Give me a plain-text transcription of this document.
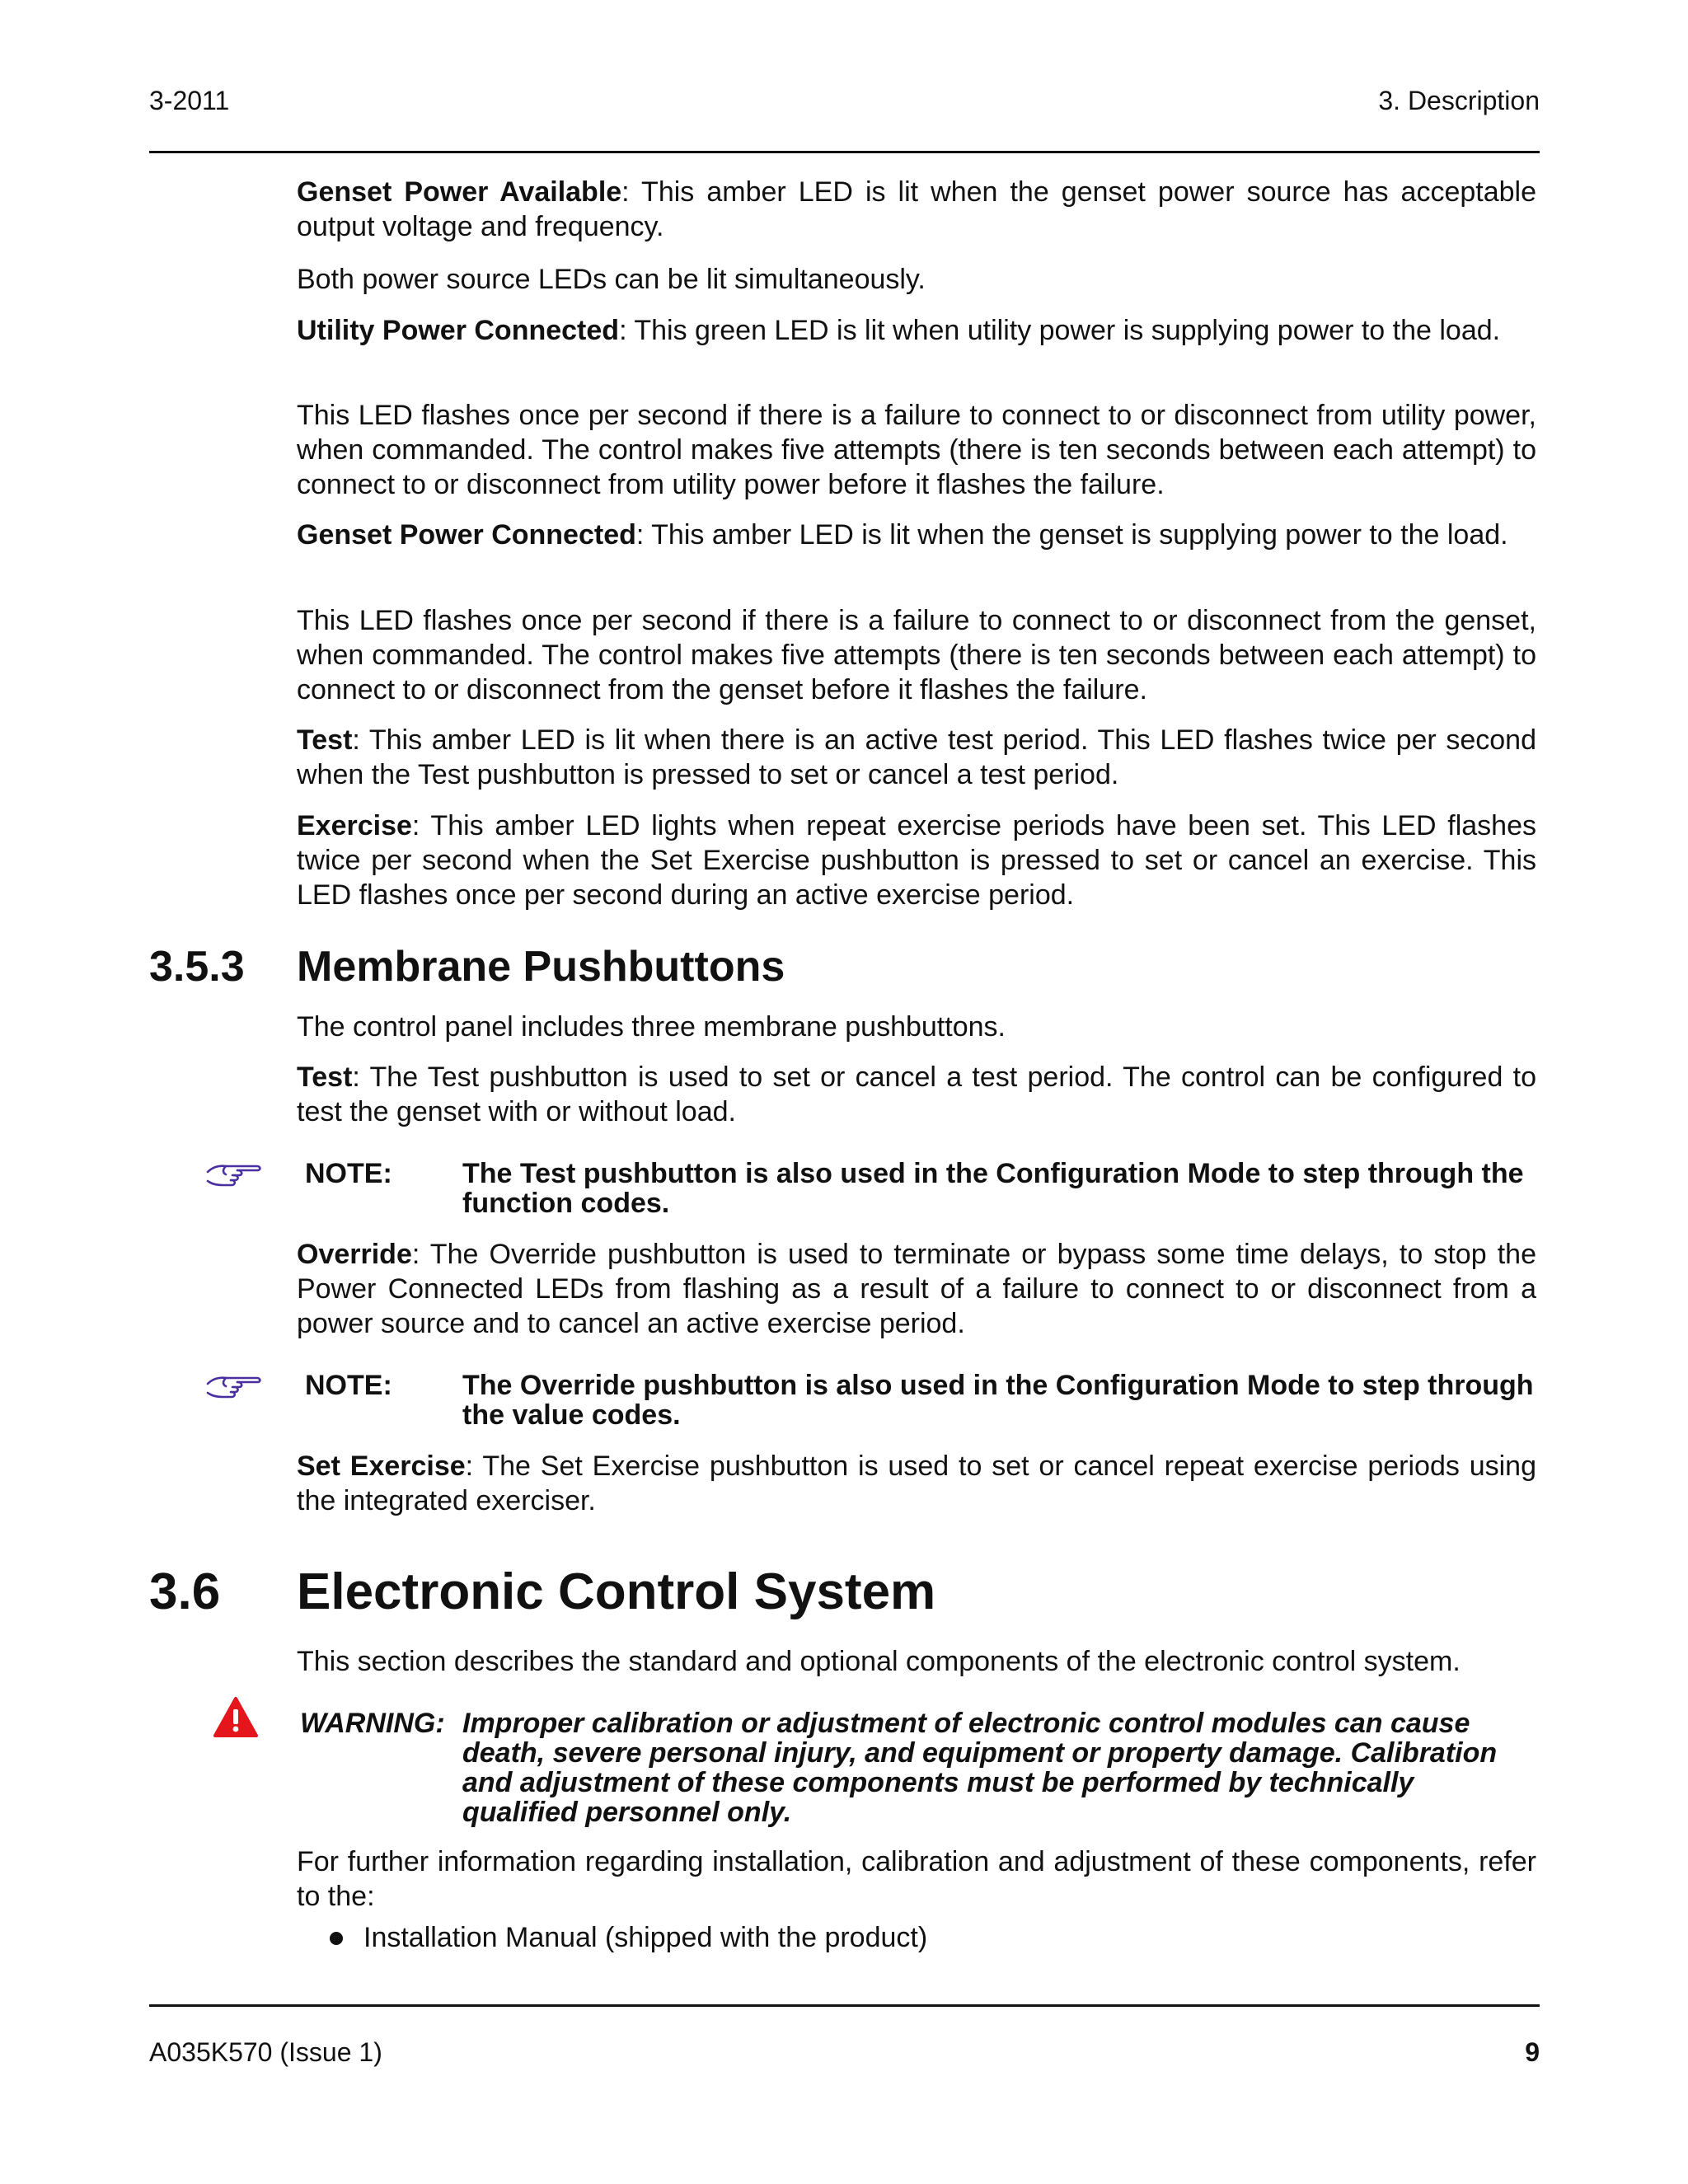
3-2011	3. Description
Genset Power Available: This amber LED is lit when the genset power source has acceptable output voltage and frequency.
Both power source LEDs can be lit simultaneously.
Utility Power Connected: This green LED is lit when utility power is supplying power to the load.
This LED flashes once per second if there is a failure to connect to or disconnect from utility power, when commanded. The control makes five attempts (there is ten seconds between each attempt) to connect to or disconnect from utility power before it flashes the failure.
Genset Power Connected: This amber LED is lit when the genset is supplying power to the load.
This LED flashes once per second if there is a failure to connect to or disconnect from the genset, when commanded. The control makes five attempts (there is ten seconds between each attempt) to connect to or disconnect from the genset before it flashes the failure.
Test: This amber LED is lit when there is an active test period. This LED flashes twice per second when the Test pushbutton is pressed to set or cancel a test period.
Exercise: This amber LED lights when repeat exercise periods have been set. This LED flashes twice per second when the Set Exercise pushbutton is pressed to set or cancel an exercise. This LED flashes once per second during an active exercise period.
3.5.3 Membrane Pushbuttons
The control panel includes three membrane pushbuttons.
Test: The Test pushbutton is used to set or cancel a test period. The control can be configured to test the genset with or without load.
NOTE:	The Test pushbutton is also used in the Configuration Mode to step through the function codes.
Override: The Override pushbutton is used to terminate or bypass some time delays, to stop the Power Connected LEDs from flashing as a result of a failure to connect to or disconnect from a power source and to cancel an active exercise period.
NOTE:	The Override pushbutton is also used in the Configuration Mode to step through the value codes.
Set Exercise: The Set Exercise pushbutton is used to set or cancel repeat exercise periods using the integrated exerciser.
3.6 Electronic Control System
This section describes the standard and optional components of the electronic control system.
WARNING: Improper calibration or adjustment of electronic control modules can cause death, severe personal injury, and equipment or property damage. Calibration and adjustment of these components must be performed by technically qualified personnel only.
For further information regarding installation, calibration and adjustment of these components, refer to the:
Installation Manual (shipped with the product)
A035K570 (Issue 1)	9
